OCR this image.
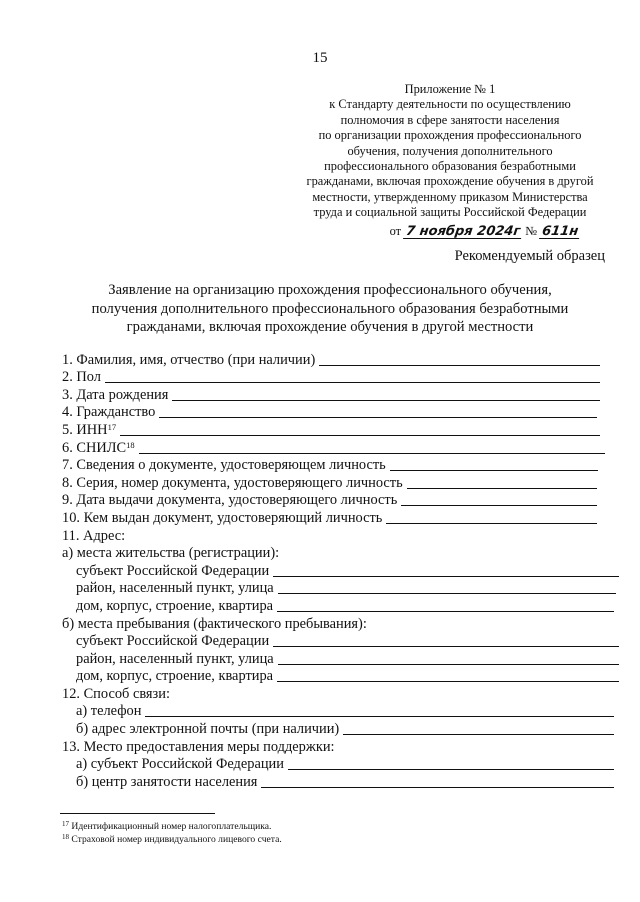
15
Приложение № 1
к Стандарту деятельности по осуществлению
полномочия в сфере занятости населения
по организации прохождения профессионального
обучения, получения дополнительного
профессионального образования безработными
гражданами, включая прохождение обучения в другой
местности, утвержденному приказом Министерства
труда и социальной защиты Российской Федерации
от 7 ноября 2024г № 611н
Рекомендуемый образец
Заявление на организацию прохождения профессионального обучения,
получения дополнительного профессионального образования безработными
гражданами, включая прохождение обучения в другой местности
1. Фамилия, имя, отчество (при наличии)
2. Пол
3. Дата рождения
4. Гражданство
5. ИНН$^{17}$
6. СНИЛС$^{18}$
7. Сведения о документе, удостоверяющем личность
8. Серия, номер документа, удостоверяющего личность
9. Дата выдачи документа, удостоверяющего личность
10. Кем выдан документ, удостоверяющий личность
11. Адрес:
а) места жительства (регистрации):
субъект Российской Федерации
район, населенный пункт, улица
дом, корпус, строение, квартира
б) места пребывания (фактического пребывания):
субъект Российской Федерации
район, населенный пункт, улица
дом, корпус, строение, квартира
12. Способ связи:
а) телефон
б) адрес электронной почты (при наличии)
13. Место предоставления меры поддержки:
а) субъект Российской Федерации
б) центр занятости населения
$^{17}$ Идентификационный номер налогоплательщика.
$^{18}$ Страховой номер индивидуального лицевого счета.
